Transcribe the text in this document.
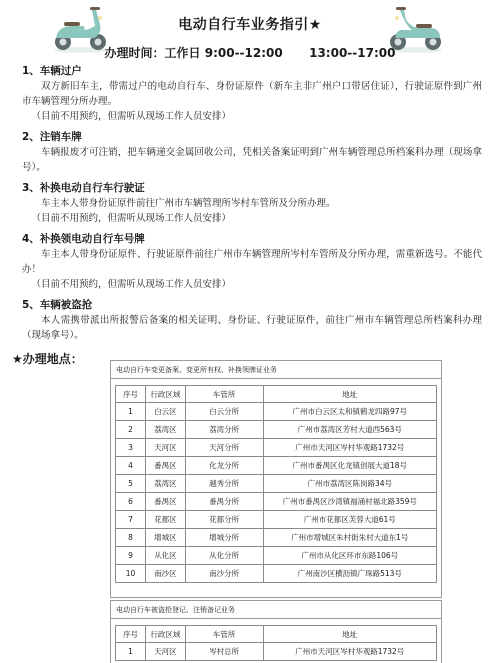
电动自行车业务指引★
办理时间：工作日 9:00--12:00 13:00--17:00

1、车辆过户

双方新旧车主，带需过户的电动自行车、身份证原件（新车主非广州户口带居住证），行驶证原件到广州市车辆管理分所办理。

（目前不用预约，但需听从现场工作人员安排）

2、注销车牌

车辆报废才可注销，把车辆递交金属回收公司，凭相关备案证明到广州车辆管理总所档案科办理（现场拿号）。

3、补换电动自行车行驶证

车主本人带身份证原件前往广州市车辆管理所岑村车管所及分所办理。

（目前不用预约，但需听从现场工作人员安排）

4、补换领电动自行车号牌

车主本人带身份证原件、行驶证原件前往广州市车辆管理所岑村车管所及分所办理，需重新选号。不能代办！

（目前不用预约，但需听从现场工作人员安排）

5、车辆被盗抢

本人需携带派出所报警后备案的相关证明、身份证、行驶证原件，前往广州市车辆管理总所档案科办理（现场拿号）。

★办理地点：
电动自行车变更备案、变更所有权、补换领牌证业务
序号	行政区域	车管所	地址
1	白云区	白云分所	广州市白云区太和镇鹤龙四路97号
2	荔湾区	荔湾分所	广州市荔湾区芳村大道西563号
3	天河区	天河分所	广州市天河区岑村华观路1732号
4	番禺区	化龙分所	广州市番禺区化龙镇创展大道18号
5	荔湾区	越秀分所	广州市荔湾区陈岗路34号
6	番禺区	番禺分所	广州市番禺区沙湾镇福涌村福北路359号
7	花都区	花都分所	广州市花都区芙蓉大道61号
8	增城区	增城分所	广州市增城区朱村街朱村大道东1号
9	从化区	从化分所	广州市从化区环市东路106号
10	南沙区	南沙分所	广州南沙区横沥镇广珠路513号
电动自行车被盗抢登记、注销备记业务
序号	行政区域	车管所	地址
1	天河区	岑村总所	广州市天河区岑村华观路1732号
